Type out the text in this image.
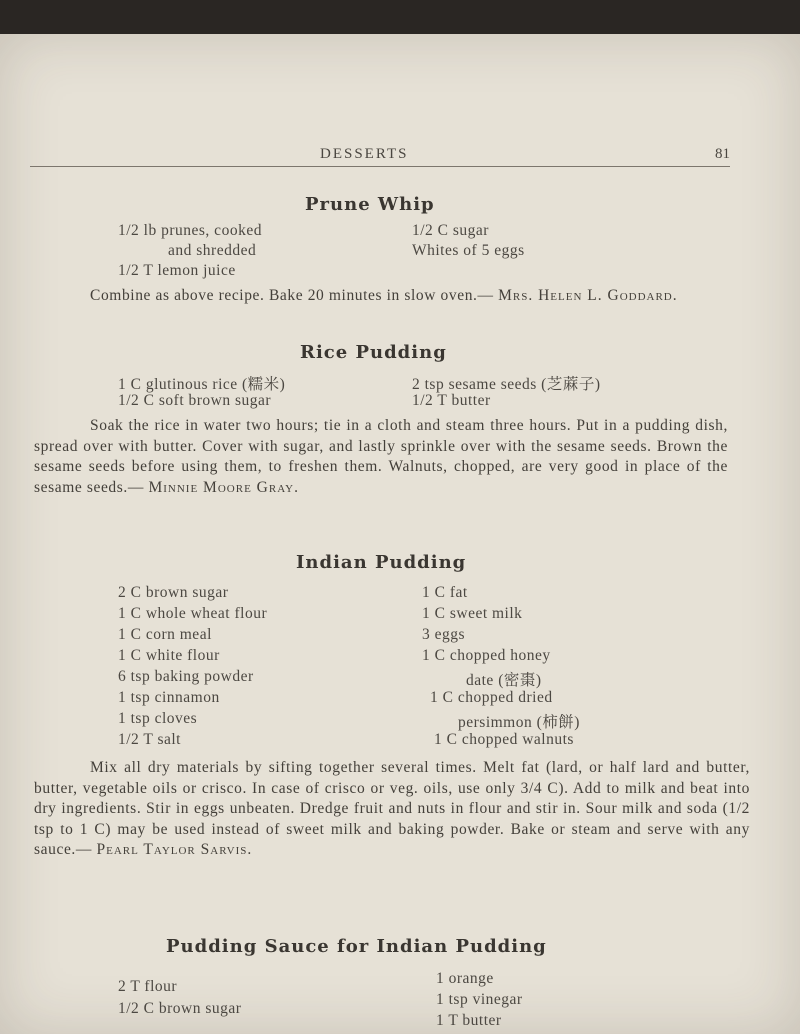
DESSERTS	81
Prune Whip
1/2 lb prunes, cooked
and shredded
1/2 T lemon juice
1/2 C sugar
Whites of 5 eggs
Combine as above recipe. Bake 20 minutes in slow oven.— Mrs. Helen L. Goddard.
Rice Pudding
1 C glutinous rice (糯米)
1/2 C soft brown sugar
2 tsp sesame seeds (芝蔴子)
1/2 T butter
Soak the rice in water two hours; tie in a cloth and steam three hours. Put in a pudding dish, spread over with butter. Cover with sugar, and lastly sprinkle over with the sesame seeds. Brown the sesame seeds before using them, to freshen them. Walnuts, chopped, are very good in place of the sesame seeds.— Minnie Moore Gray.
Indian Pudding
2 C brown sugar
1 C whole wheat flour
1 C corn meal
1 C white flour
6 tsp baking powder
1 tsp cinnamon
1 tsp cloves
1/2 T salt
1 C fat
1 C sweet milk
3 eggs
1 C chopped honey
date (密棗)
1 C chopped dried
persimmon (柿餅)
1 C chopped walnuts
Mix all dry materials by sifting together several times. Melt fat (lard, or half lard and butter, butter, vegetable oils or crisco. In case of crisco or veg. oils, use only 3/4 C). Add to milk and beat into dry ingredients. Stir in eggs unbeaten. Dredge fruit and nuts in flour and stir in. Sour milk and soda (1/2 tsp to 1 C) may be used instead of sweet milk and baking powder. Bake or steam and serve with any sauce.— Pearl Taylor Sarvis.
Pudding Sauce for Indian Pudding
2 T flour
1/2 C brown sugar
1 orange
1 tsp vinegar
1 T butter
